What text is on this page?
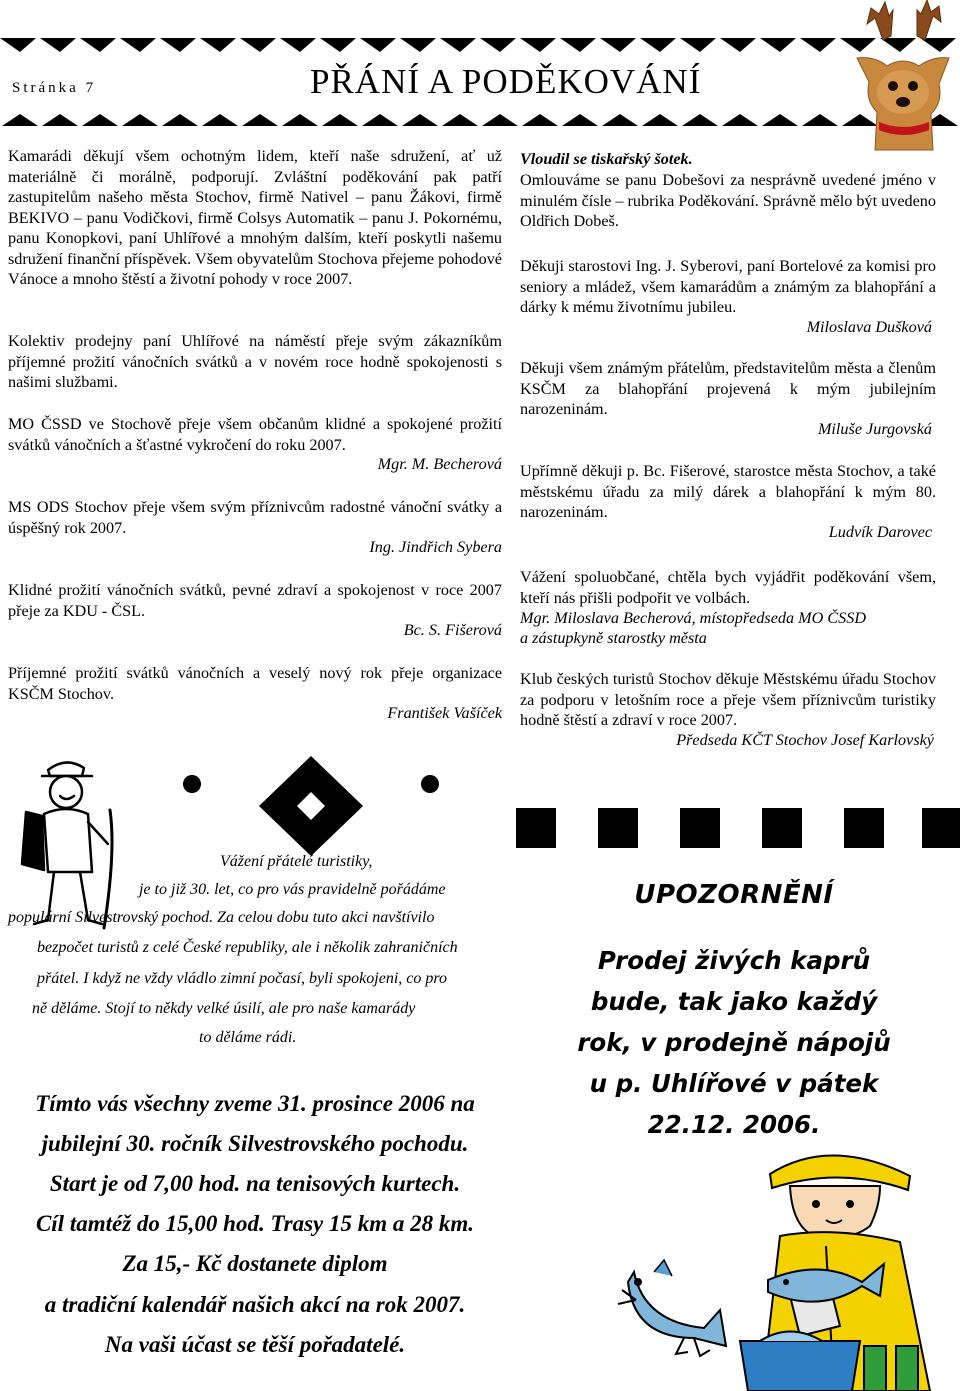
Stránka 7	PŘÁNÍ A PODĚKOVÁNÍ
Kamarádi děkují všem ochotným lidem, kteří naše sdružení, ať už materiálně či morálně, podporují. Zvláštní poděkování pak patří zastupitelům našeho města Stochov, firmě Nativel – panu Žákovi, firmě BEKIVO – panu Vodičkovi, firmě Colsys Automatik – panu J. Pokornému, panu Konopkovi, paní Uhlířové a mnohým dalším, kteří poskytli našemu sdružení finanční příspěvek. Všem obyvatelům Stochova přejeme pohodové Vánoce a mnoho štěstí a životní pohody v roce 2007.
Kolektiv prodejny paní Uhlířové na náměstí přeje svým zákazníkům příjemné prožití vánočních svátků a v novém roce hodně spokojenosti s našimi službami.
MO ČSSD ve Stochově přeje všem občanům klidné a spokojené prožití svátků vánočních a šťastné vykročení do roku 2007.
Mgr. M. Becherová
MS ODS Stochov přeje všem svým příznivcům radostné vánoční svátky a úspěšný rok 2007.
Ing. Jindřich Sybera
Klidné prožití vánočních svátků, pevné zdraví a spokojenost v roce 2007 přeje za KDU - ČSL.
Bc. S. Fišerová
Příjemné prožití svátků vánočních a veselý nový rok přeje organizace KSČM Stochov.
František Vašíček
Vloudil se tiskařský šotek.
Omlouváme se panu Dobešovi za nesprávně uvedené jméno v minulém čísle – rubrika Poděkování. Správně mělo být uvedeno Oldřich Dobeš.
Děkuji starostovi Ing. J. Syberovi, paní Bortelové za komisi pro seniory a mládež, všem kamarádům a známým za blahopřání a dárky k mému životnímu jubileu.
Miloslava Dušková
Děkuji všem známým přátelům, představitelům města a členům KSČM za blahopřání projevená k mým jubilejním narozeninám.
Miluše Jurgovská
Upřímně děkuji p. Bc. Fišerové, starostce města Stochov, a také městskému úřadu za milý dárek a blahopřání k mým 80. narozeninám.
Ludvík Darovec
Vážení spoluobčané, chtěla bych vyjádřit poděkování všem, kteří nás přišli podpořit ve volbách.
Mgr. Miloslava Becherová, místopředseda MO ČSSD
a zástupkyně starostky města
Klub českých turistů Stochov děkuje Městskému úřadu Stochov za podporu v letošním roce a přeje všem příznivcům turistiky hodně štěstí a zdraví v roce 2007.
Předseda KČT Stochov Josef Karlovský
Vážení přátelé turistiky,
je to již 30. let, co pro vás pravidelně pořádáme
populární Silvestrovský pochod. Za celou dobu tuto akci navštívilo
bezpočet turistů z celé České republiky, ale i několik zahraničních
přátel. I když ne vždy vládlo zimní počasí, byli spokojeni, co pro
ně děláme. Stojí to někdy velké úsilí, ale pro naše kamarády
to děláme rádi.
Tímto vás všechny zveme 31. prosince 2006 na
jubilejní 30. ročník Silvestrovského pochodu.
Start je od 7,00 hod. na tenisových kurtech.
Cíl tamtéž do 15,00 hod. Trasy 15 km a 28 km.
Za 15,- Kč dostanete diplom
a tradiční kalendář našich akcí na rok 2007.
Na vaši účast se těší pořadatelé.
UPOZORNĚNÍ
Prodej živých kaprů
bude, tak jako každý
rok, v prodejně nápojů
u p. Uhlířové v pátek
22.12. 2006.
